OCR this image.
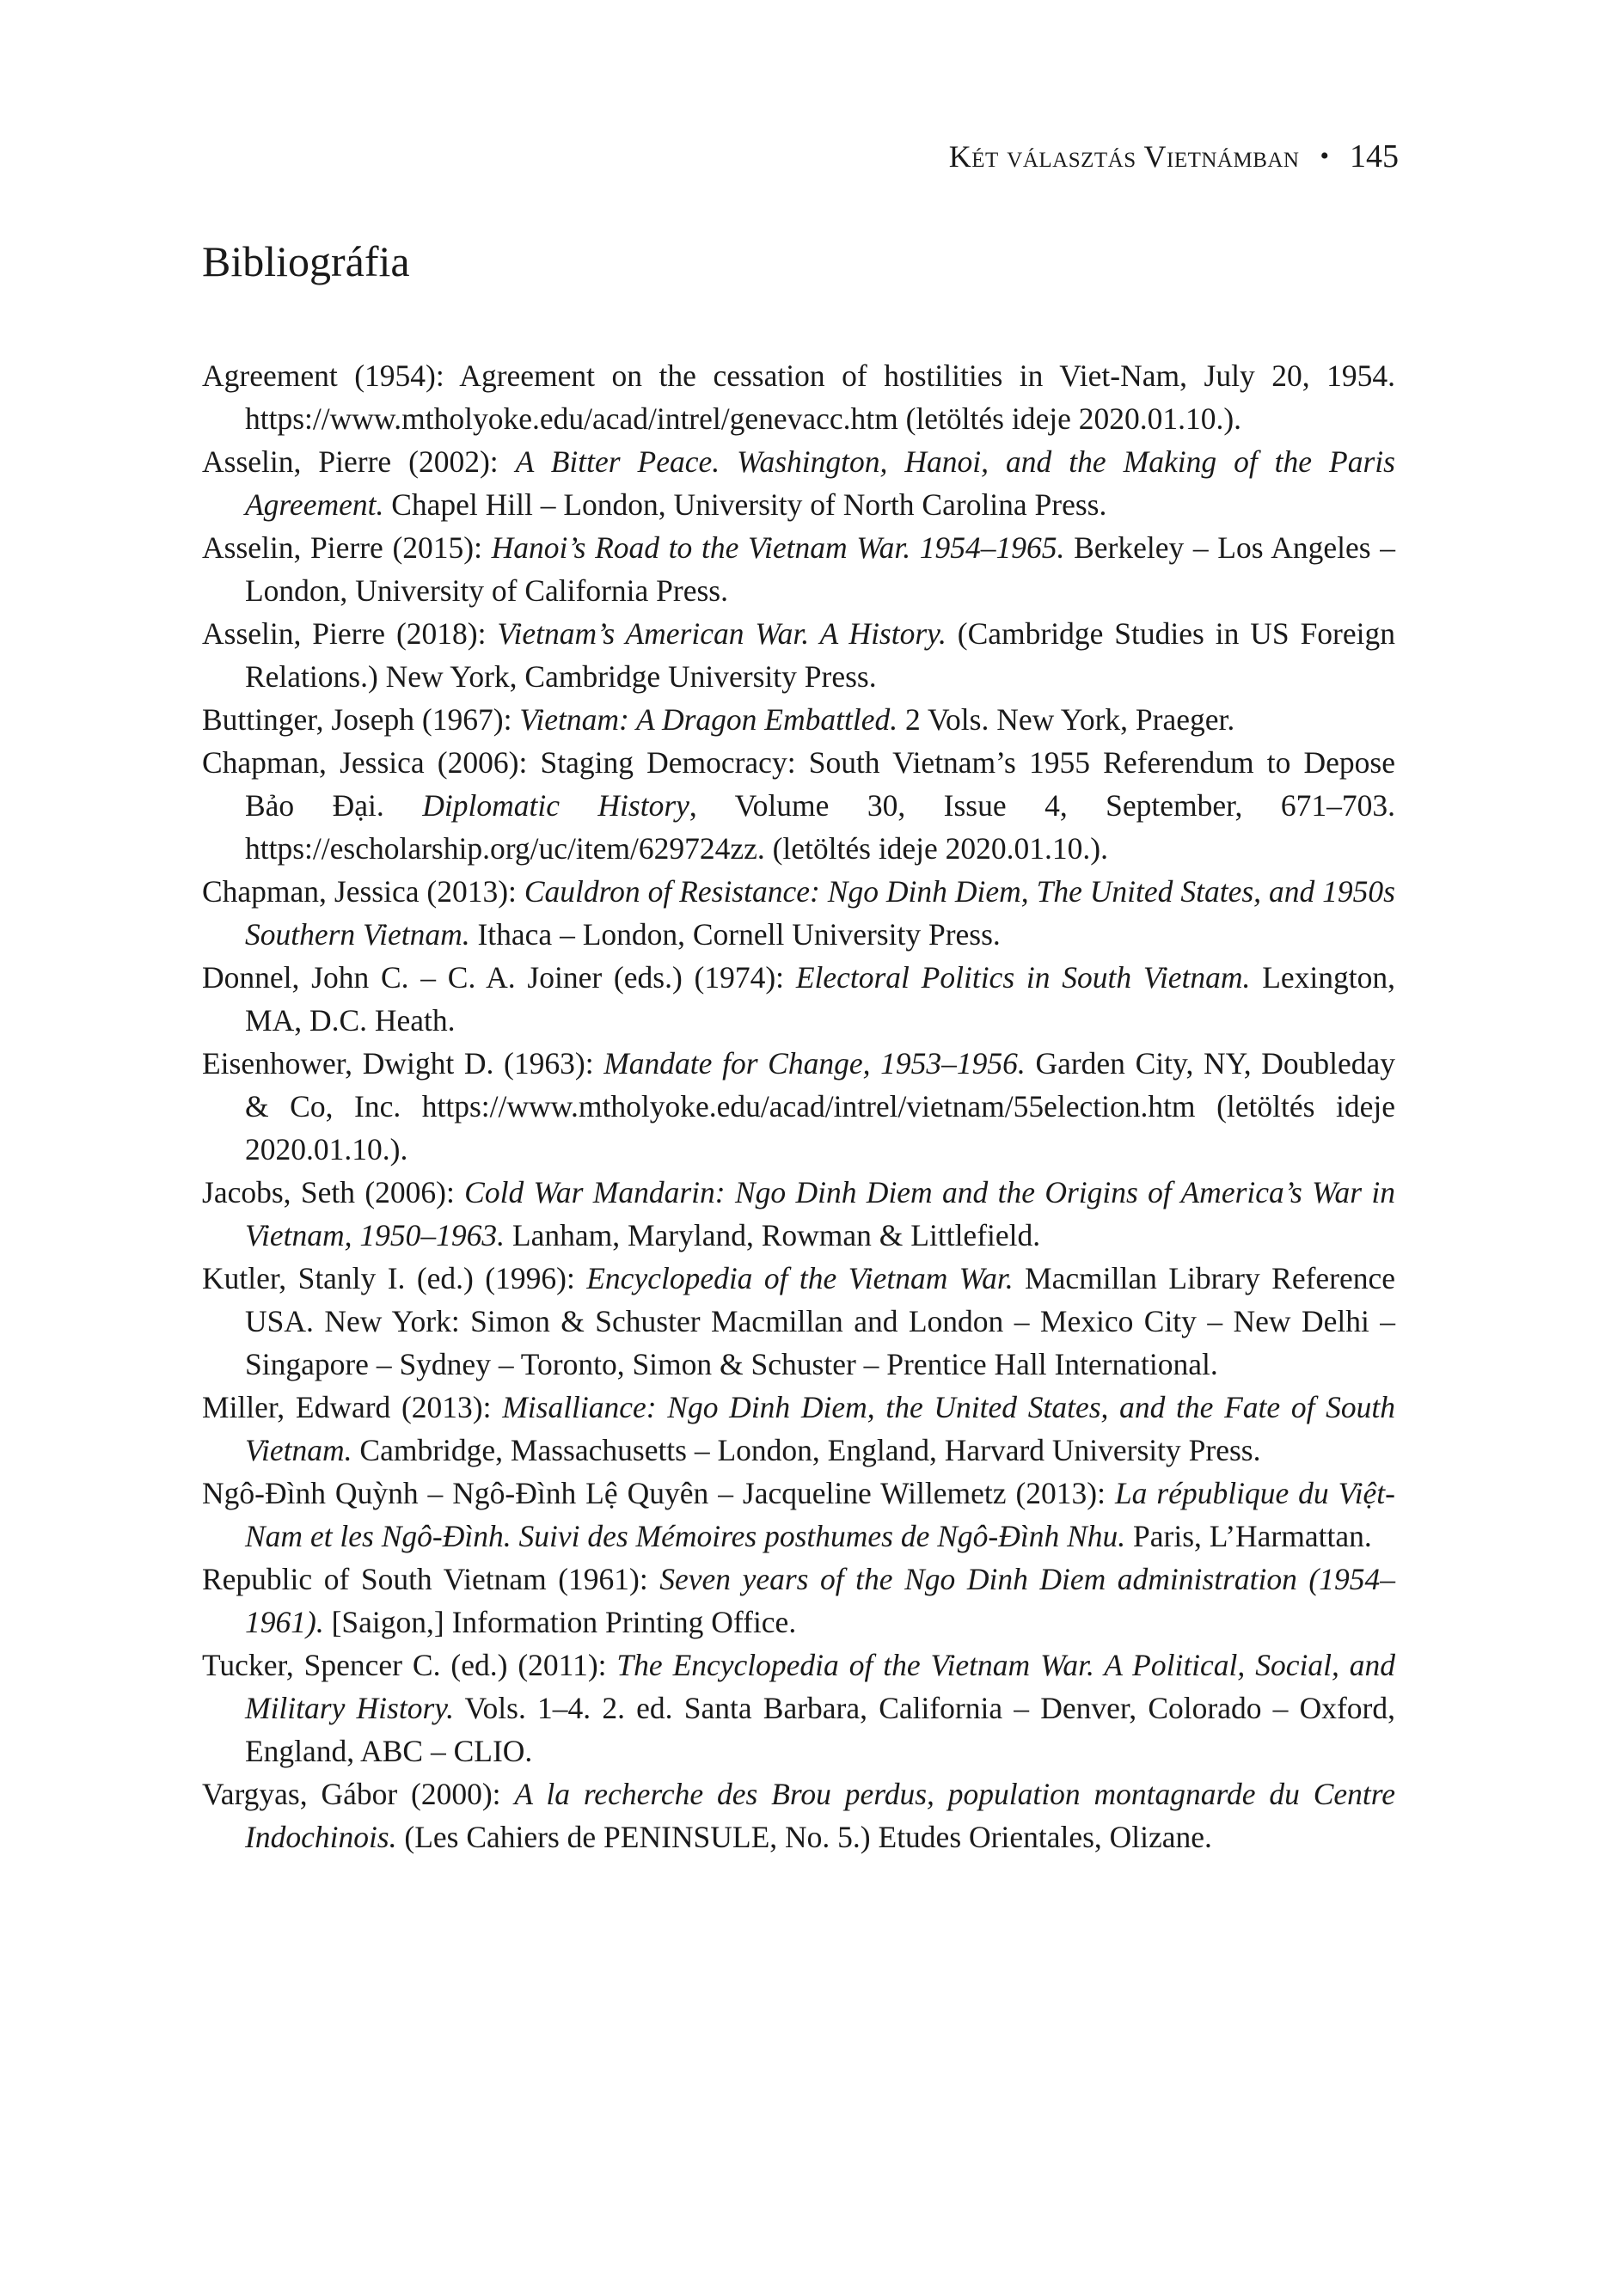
Két választás Vietnámban • 145
Bibliográfia

Agreement (1954): Agreement on the cessation of hostilities in Viet-Nam, July 20, 1954. https://www.mtholyoke.edu/acad/intrel/genevacc.htm (letöltés ideje 2020.01.10.).

Asselin, Pierre (2002): A Bitter Peace. Washington, Hanoi, and the Making of the Paris Agreement. Chapel Hill – London, University of North Carolina Press.

Asselin, Pierre (2015): Hanoi’s Road to the Vietnam War. 1954–1965. Berkeley – Los Angeles – London, University of California Press.

Asselin, Pierre (2018): Vietnam’s American War. A History. (Cambridge Studies in US Foreign Relations.) New York, Cambridge University Press.

Buttinger, Joseph (1967): Vietnam: A Dragon Embattled. 2 Vols. New York, Praeger.

Chapman, Jessica (2006): Staging Democracy: South Vietnam’s 1955 Referendum to Depose Bảo Đại. Diplomatic History, Volume 30, Issue 4, September, 671–703. https://escholarship.org/uc/item/629724zz. (letöltés ideje 2020.01.10.).

Chapman, Jessica (2013): Cauldron of Resistance: Ngo Dinh Diem, The United States, and 1950s Southern Vietnam. Ithaca – London, Cornell University Press.

Donnel, John C. – C. A. Joiner (eds.) (1974): Electoral Politics in South Vietnam. Lexington, MA, D.C. Heath.

Eisenhower, Dwight D. (1963): Mandate for Change, 1953–1956. Garden City, NY, Doubleday & Co, Inc. https://www.mtholyoke.edu/acad/intrel/vietnam/55election.htm (letöltés ideje 2020.01.10.).

Jacobs, Seth (2006): Cold War Mandarin: Ngo Dinh Diem and the Origins of America’s War in Vietnam, 1950–1963. Lanham, Maryland, Rowman & Littlefield.

Kutler, Stanly I. (ed.) (1996): Encyclopedia of the Vietnam War. Macmillan Library Reference USA. New York: Simon & Schuster Macmillan and London – Mexico City – New Delhi – Singapore – Sydney – Toronto, Simon & Schuster – Prentice Hall International.

Miller, Edward (2013): Misalliance: Ngo Dinh Diem, the United States, and the Fate of South Vietnam. Cambridge, Massachusetts – London, England, Harvard University Press.

Ngô-Đình Quỳnh – Ngô-Đình Lệ Quyên – Jacqueline Willemetz (2013): La république du Việt-Nam et les Ngô-Đình. Suivi des Mémoires posthumes de Ngô-Đình Nhu. Paris, L’Harmattan.

Republic of South Vietnam (1961): Seven years of the Ngo Dinh Diem administration (1954–1961). [Saigon,] Information Printing Office.

Tucker, Spencer C. (ed.) (2011): The Encyclopedia of the Vietnam War. A Political, Social, and Military History. Vols. 1–4. 2. ed. Santa Barbara, California – Denver, Colorado – Oxford, England, ABC – CLIO.

Vargyas, Gábor (2000): A la recherche des Brou perdus, population montagnarde du Centre Indochinois. (Les Cahiers de PENINSULE, No. 5.) Etudes Orientales, Olizane.
